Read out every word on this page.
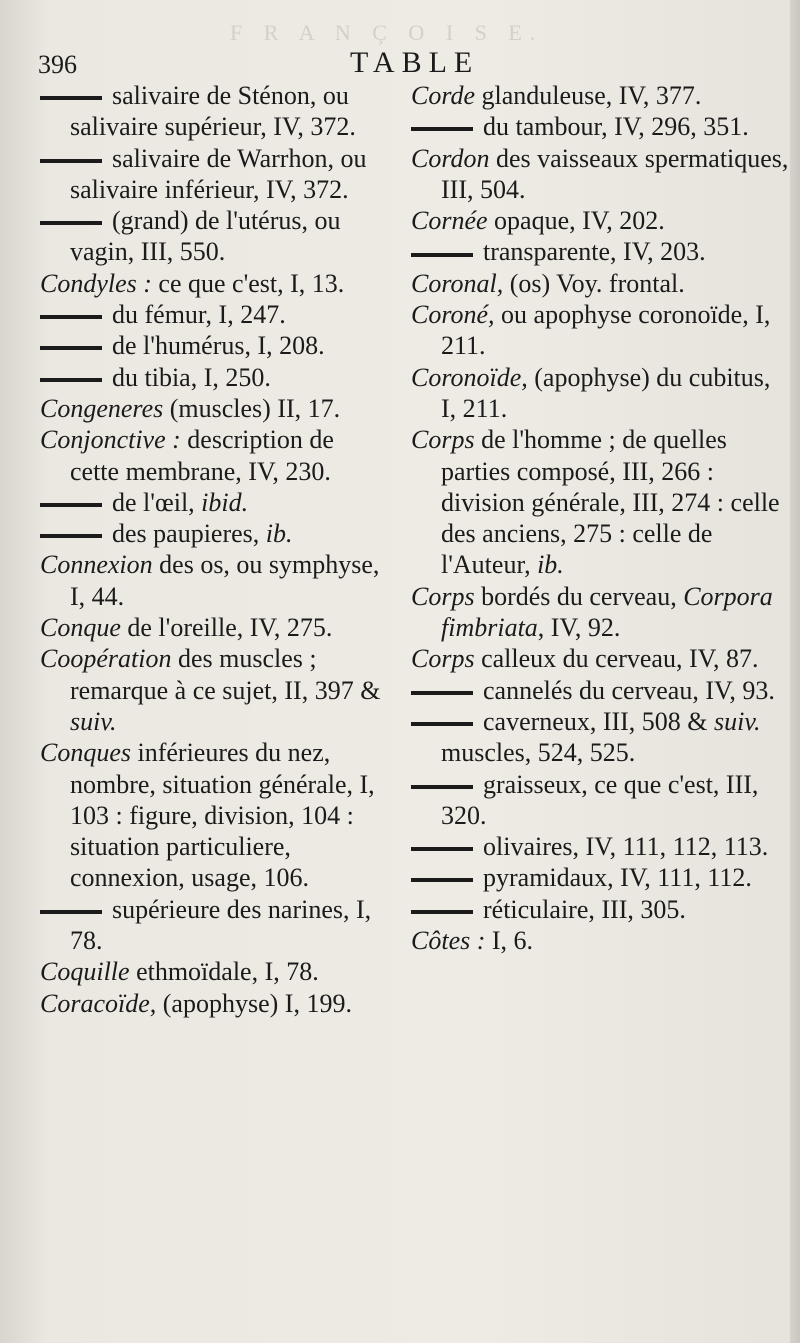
F R A N Ç O I S E.
396	TABLE

salivaire de Sténon, ou salivaire supérieur, IV, 372.

salivaire de Warrhon, ou salivaire inférieur, IV, 372.

(grand) de l'utérus, ou vagin, III, 550.

Condyles : ce que c'est, I, 13.

du fémur, I, 247.

de l'humérus, I, 208.

du tibia, I, 250.

Congeneres (muscles) II, 17.

Conjonctive : description de cette membrane, IV, 230.

de l'œil, ibid.

des paupieres, ib.

Connexion des os, ou symphyse, I, 44.

Conque de l'oreille, IV, 275.

Coopération des muscles ; remarque à ce sujet, II, 397 & suiv.

Conques inférieures du nez, nombre, situation générale, I, 103 : figure, division, 104 : situation particuliere, connexion, usage, 106.

supérieure des narines, I, 78.

Coquille ethmoïdale, I, 78.

Coracoïde, (apophyse) I, 199.

Corde glanduleuse, IV, 377.

du tambour, IV, 296, 351.

Cordon des vaisseaux spermatiques, III, 504.

Cornée opaque, IV, 202.

transparente, IV, 203.

Coronal, (os) Voy. frontal.

Coroné, ou apophyse coronoïde, I, 211.

Coronoïde, (apophyse) du cubitus, I, 211.

Corps de l'homme ; de quelles parties composé, III, 266 : division générale, III, 274 : celle des anciens, 275 : celle de l'Auteur, ib.

Corps bordés du cerveau, Corpora fimbriata, IV, 92.

Corps calleux du cerveau, IV, 87.

cannelés du cerveau, IV, 93.

caverneux, III, 508 & suiv. muscles, 524, 525.

graisseux, ce que c'est, III, 320.

olivaires, IV, 111, 112, 113.

pyramidaux, IV, 111, 112.

réticulaire, III, 305.

Côtes : I, 6.
